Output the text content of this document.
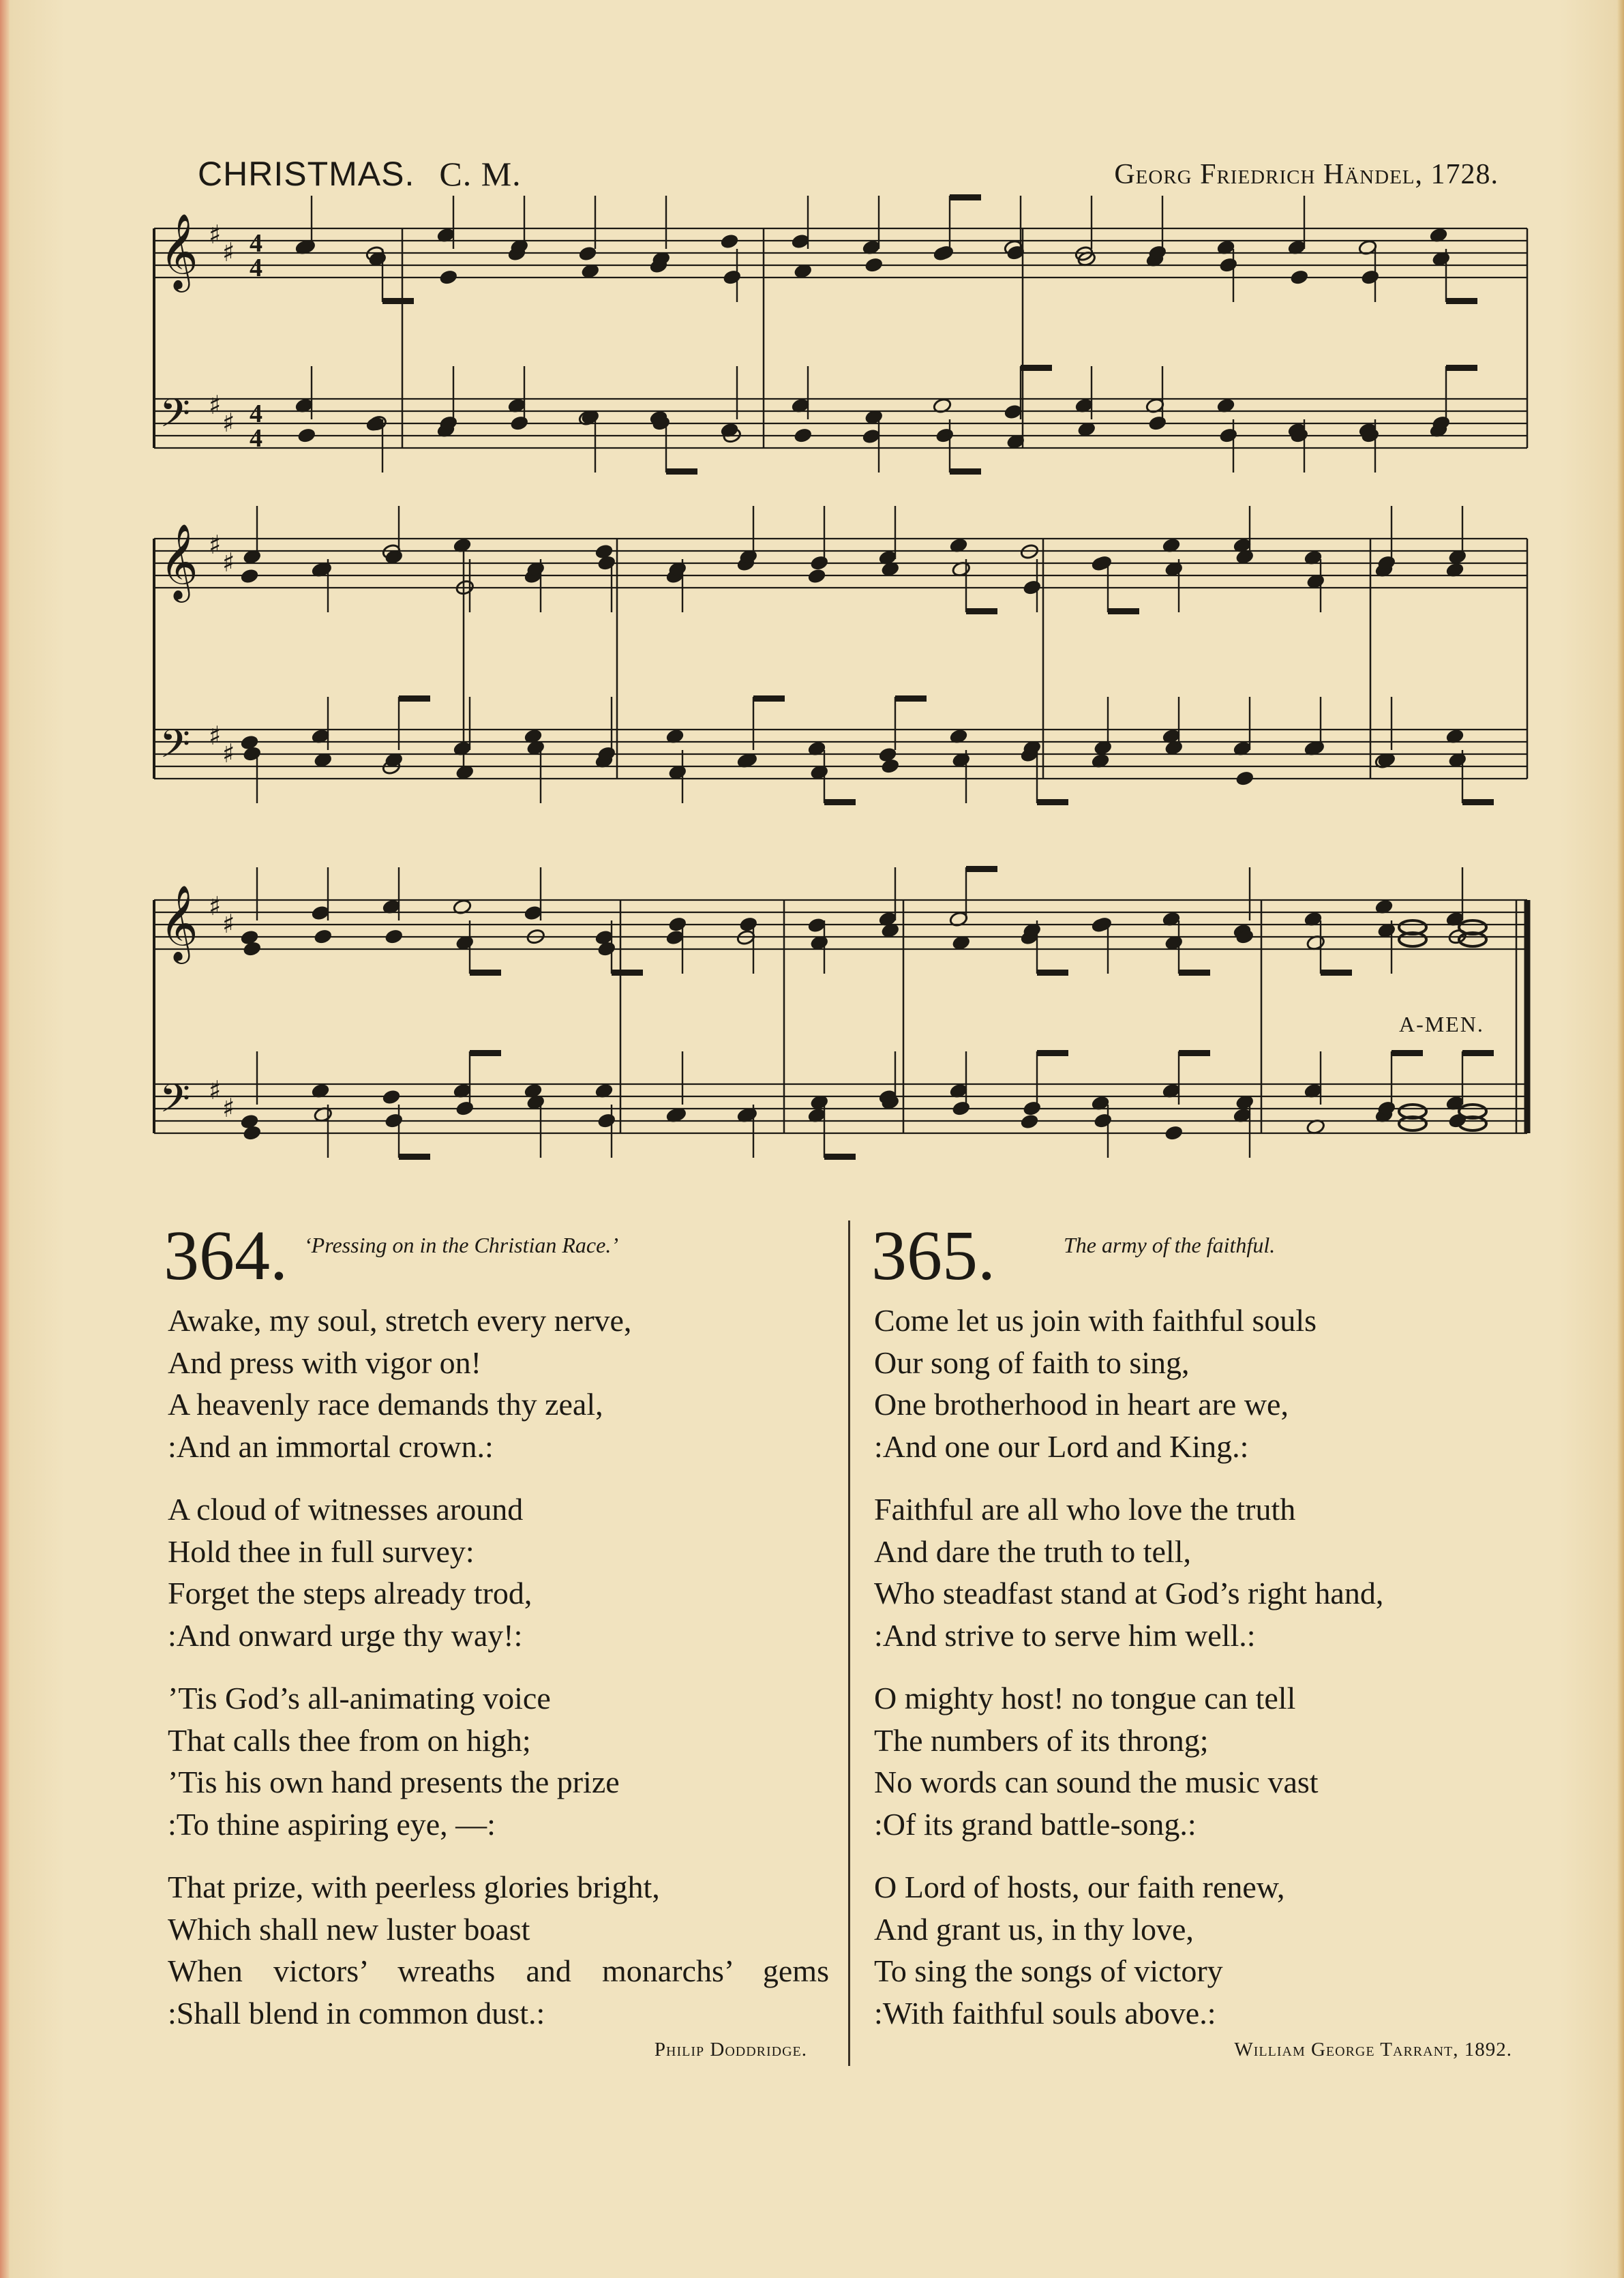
CHRISTMAS. C. M.	Georg Friedrich Händel, 1728.
𝄞 ♯
♯ 4
4
𝄢 ♯
♯ 4
4
𝄞 ♯
♯
𝄢 ♯
♯
𝄞 ♯
♯
𝄢 ♯
♯
A-MEN.
364. ‘Pressing on in the Christian Race.’
Awake, my soul, stretch every nerve,
And press with vigor on!
A heavenly race demands thy zeal,
:And an immortal crown.:
A cloud of witnesses around
Hold thee in full survey:
Forget the steps already trod,
:And onward urge thy way!:
’Tis God’s all-animating voice
That calls thee from on high;
’Tis his own hand presents the prize
:To thine aspiring eye, —:
That prize, with peerless glories bright,
Which shall new luster boast
When victors’ wreaths and monarchs’ gems
:Shall blend in common dust.:
Philip Doddridge.
365.	The army of the faithful.
Come let us join with faithful souls
Our song of faith to sing,
One brotherhood in heart are we,
:And one our Lord and King.:
Faithful are all who love the truth
And dare the truth to tell,
Who steadfast stand at God’s right hand,
:And strive to serve him well.:
O mighty host! no tongue can tell
The numbers of its throng;
No words can sound the music vast
:Of its grand battle-song.:
O Lord of hosts, our faith renew,
And grant us, in thy love,
To sing the songs of victory
:With faithful souls above.:
William George Tarrant, 1892.
